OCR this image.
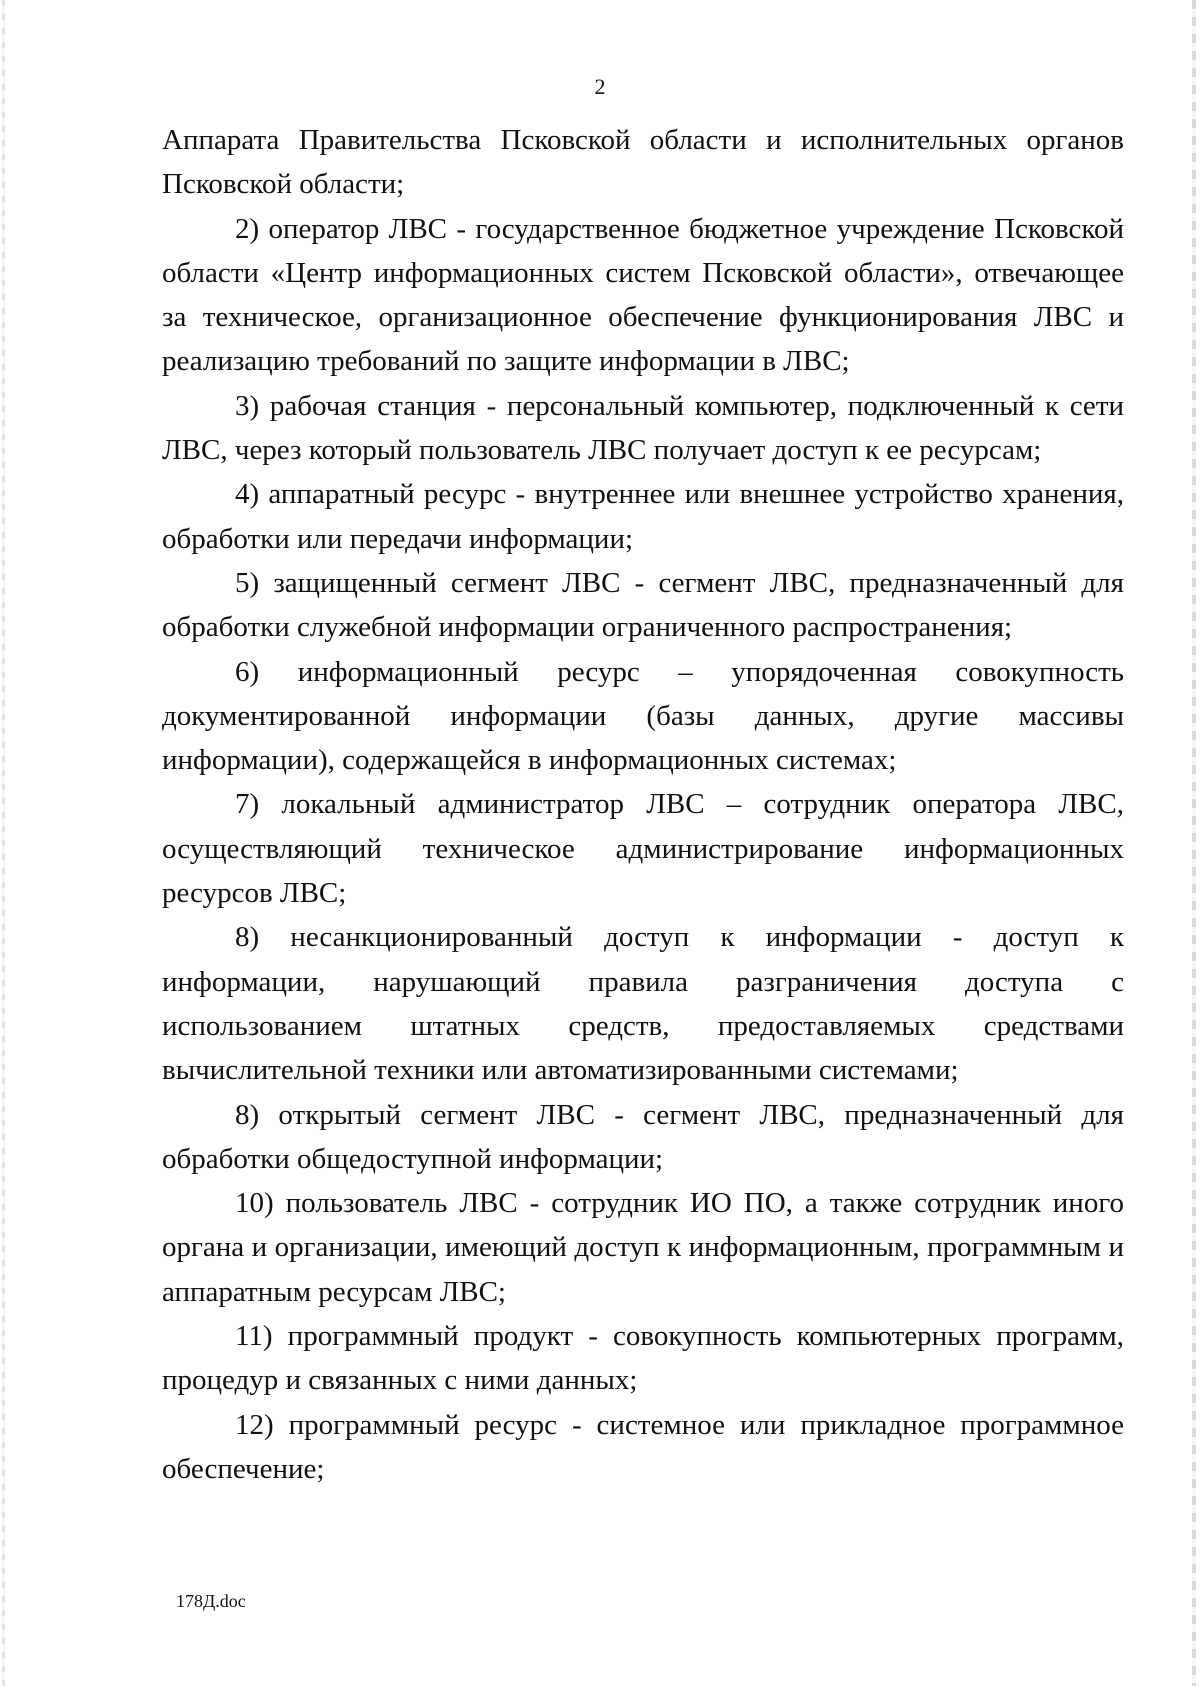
2

Аппарата Правительства Псковской области и исполнительных органов Псковской области;

2) оператор ЛВС - государственное бюджетное учреждение Псковской области «Центр информационных систем Псковской области», отвечающее за техническое, организационное обеспечение функционирования ЛВС и реализацию требований по защите информации в ЛВС;

3) рабочая станция - персональный компьютер, подключенный к сети ЛВС, через который пользователь ЛВС получает доступ к ее ресурсам;

4) аппаратный ресурс - внутреннее или внешнее устройство хранения, обработки или передачи информации;

5) защищенный сегмент ЛВС - сегмент ЛВС, предназначенный для обработки служебной информации ограниченного распространения;

6) информационный ресурс – упорядоченная совокупность документированной информации (базы данных, другие массивы информации), содержащейся в информационных системах;

7) локальный администратор ЛВС – сотрудник оператора ЛВС, осуществляющий техническое администрирование информационных ресурсов ЛВС;

8) несанкционированный доступ к информации - доступ к информации, нарушающий правила разграничения доступа с использованием штатных средств, предоставляемых средствами вычислительной техники или автоматизированными системами;

8) открытый сегмент ЛВС - сегмент ЛВС, предназначенный для обработки общедоступной информации;

10) пользователь ЛВС - сотрудник ИО ПО, а также сотрудник иного органа и организации, имеющий доступ к информационным, программным и аппаратным ресурсам ЛВС;

11) программный продукт - совокупность компьютерных программ, процедур и связанных с ними данных;

12) программный ресурс - системное или прикладное программное обеспечение;

178Д.doc
